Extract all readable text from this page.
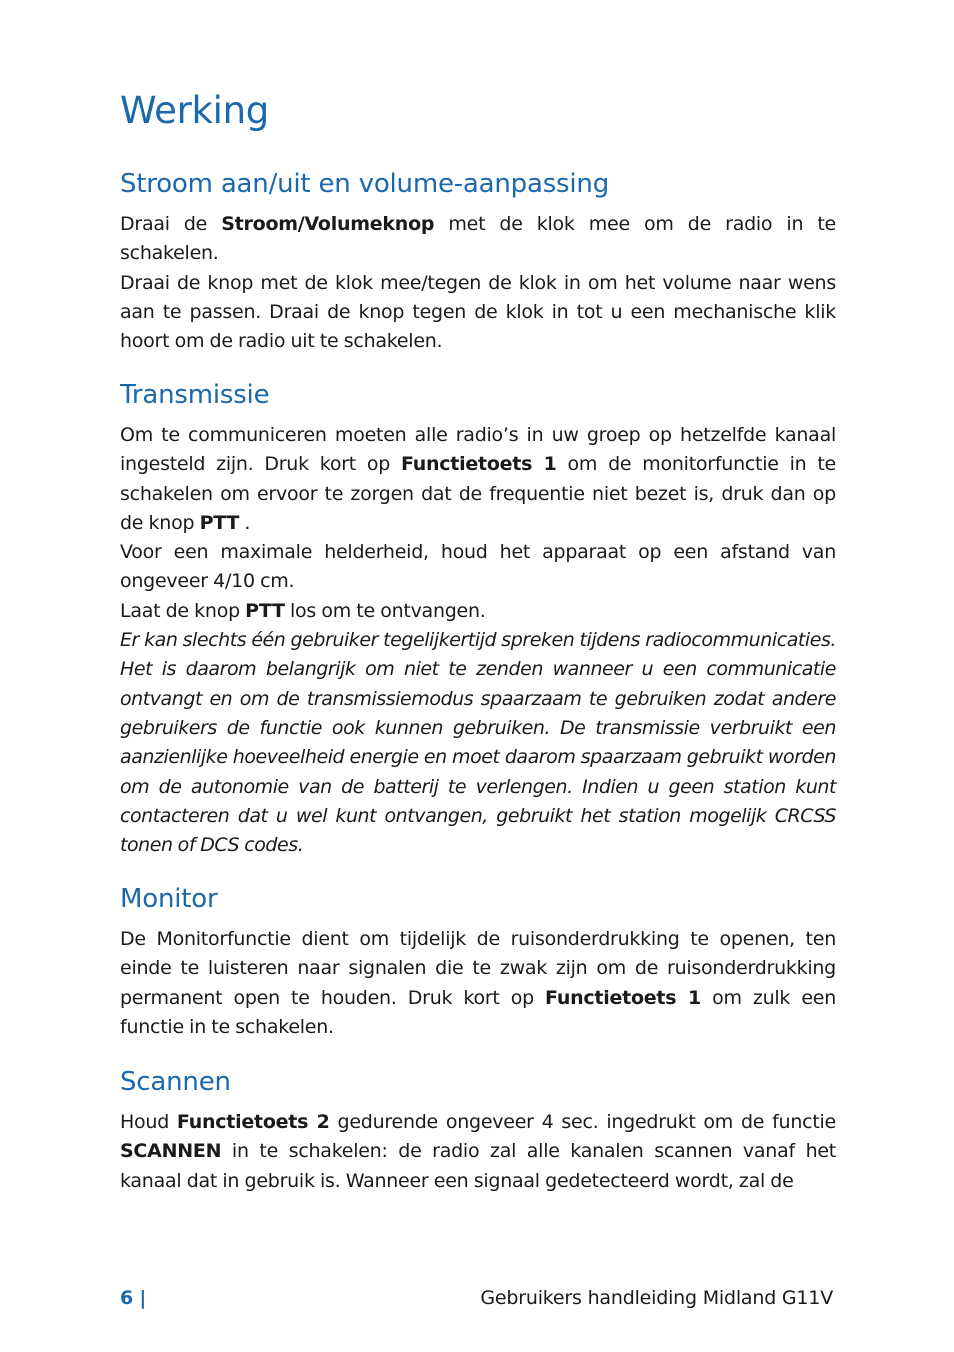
Werking
Stroom aan/uit en volume-aanpassing

Draai de Stroom/Volumeknop met de klok mee om de radio in te schakelen.

Draai de knop met de klok mee/tegen de klok in om het volume naar wens aan te passen. Draai de knop tegen de klok in tot u een mechanische klik hoort om de radio uit te schakelen.

Transmissie

Om te communiceren moeten alle radio’s in uw groep op hetzelfde kanaal ingesteld zijn. Druk kort op Functietoets 1 om de monitorfunctie in te schakelen om ervoor te zorgen dat de frequentie niet bezet is, druk dan op de knop PTT .

Voor een maximale helderheid, houd het apparaat op een afstand van ongeveer 4/10 cm.

Laat de knop PTT los om te ontvangen.

Er kan slechts één gebruiker tegelijkertijd spreken tijdens radiocommunicaties. Het is daarom belangrijk om niet te zenden wanneer u een communicatie ontvangt en om de transmissiemodus spaarzaam te gebruiken zodat andere gebruikers de functie ook kunnen gebruiken. De transmissie verbruikt een aanzienlijke hoeveelheid energie en moet daarom spaarzaam gebruikt worden om de autonomie van de batterij te verlengen. Indien u geen station kunt contacteren dat u wel kunt ontvangen, gebruikt het station mogelijk CRCSS tonen of DCS codes.

Monitor

De Monitorfunctie dient om tijdelijk de ruisonderdrukking te openen, ten einde te luisteren naar signalen die te zwak zijn om de ruisonderdrukking permanent open te houden. Druk kort op Functietoets 1 om zulk een functie in te schakelen.

Scannen

Houd Functietoets 2 gedurende ongeveer 4 sec. ingedrukt om de functie SCANNEN in te schakelen: de radio zal alle kanalen scannen vanaf het kanaal dat in gebruik is. Wanneer een signaal gedetecteerd wordt, zal de

6 |	Gebruikers handleiding Midland G11V
